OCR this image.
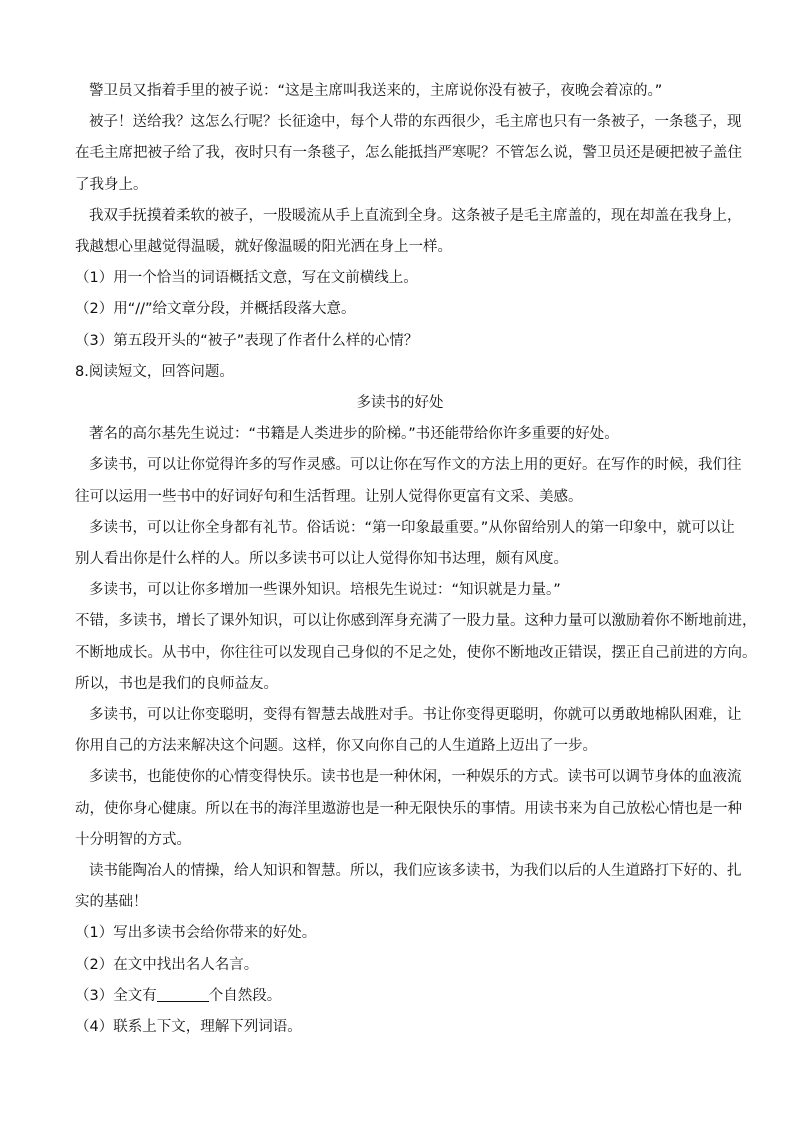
警卫员又指着手里的被子说：“这是主席叫我送来的，主席说你没有被子，夜晚会着凉的。”

被子！送给我？这怎么行呢？长征途中，每个人带的东西很少，毛主席也只有一条被子，一条毯子，现

在毛主席把被子给了我，夜时只有一条毯子，怎么能抵挡严寒呢？不管怎么说，警卫员还是硬把被子盖住

了我身上。

我双手抚摸着柔软的被子，一股暖流从手上直流到全身。这条被子是毛主席盖的，现在却盖在我身上，

我越想心里越觉得温暖，就好像温暖的阳光洒在身上一样。

（1）用一个恰当的词语概括文意，写在文前横线上。

（2）用“//”给文章分段，并概括段落大意。

（3）第五段开头的“被子”表现了作者什么样的心情？

8.阅读短文，回答问题。

多读书的好处

著名的高尔基先生说过：“书籍是人类进步的阶梯。”书还能带给你许多重要的好处。

多读书，可以让你觉得许多的写作灵感。可以让你在写作文的方法上用的更好。在写作的时候，我们往

往可以运用一些书中的好词好句和生活哲理。让别人觉得你更富有文采、美感。

多读书，可以让你全身都有礼节。俗话说：“第一印象最重要。”从你留给别人的第一印象中，就可以让

别人看出你是什么样的人。所以多读书可以让人觉得你知书达理，颇有风度。

多读书，可以让你多增加一些课外知识。培根先生说过：“知识就是力量。”

不错，多读书，增长了课外知识，可以让你感到浑身充满了一股力量。这种力量可以激励着你不断地前进，

不断地成长。从书中，你往往可以发现自己身似的不足之处，使你不断地改正错误，摆正自己前进的方向。

所以，书也是我们的良师益友。

多读书，可以让你变聪明，变得有智慧去战胜对手。书让你变得更聪明，你就可以勇敢地棉队困难，让

你用自己的方法来解决这个问题。这样，你又向你自己的人生道路上迈出了一步。

多读书，也能使你的心情变得快乐。读书也是一种休闲，一种娱乐的方式。读书可以调节身体的血液流

动，使你身心健康。所以在书的海洋里遨游也是一种无限快乐的事情。用读书来为自己放松心情也是一种

十分明智的方式。

读书能陶冶人的情操，给人知识和智慧。所以，我们应该多读书，为我们以后的人生道路打下好的、扎

实的基础！

（1）写出多读书会给你带来的好处。

（2）在文中找出名人名言。

（3）全文有	个自然段。

（4）联系上下文，理解下列词语。
